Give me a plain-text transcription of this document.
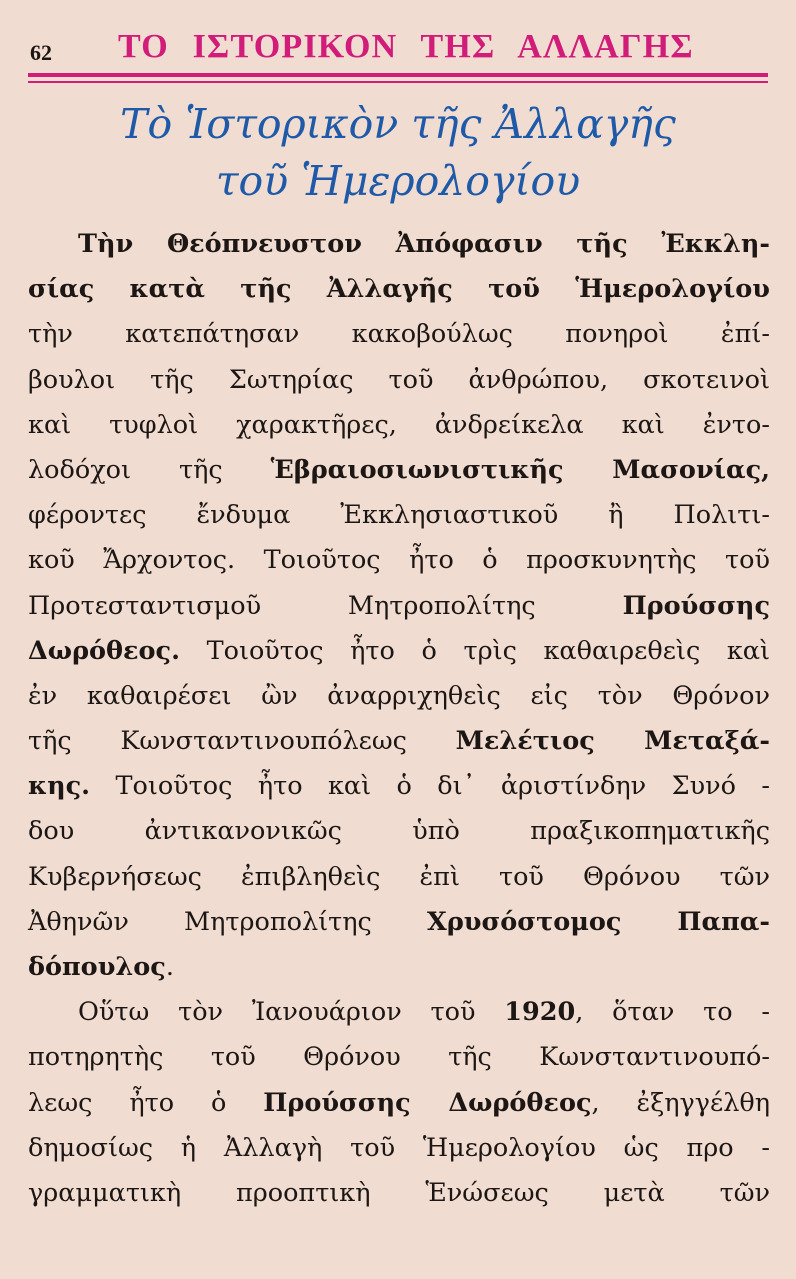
62 ΤΟ ΙΣΤΟΡΙΚΟΝ ΤΗΣ ΑΛΛΑΓΗΣ
Τὸ Ἱστορικὸν τῆς Ἀλλαγῆς
τοῦ Ἡμερολογίου
Τὴν Θεόπνευστον Ἀπόφασιν τῆς Ἐκκλη-
σίας κατὰ τῆς Ἀλλαγῆς τοῦ Ἡμερολογίου
τὴν κατεπάτησαν κακοβούλως πονηροὶ ἐπί-
βουλοι τῆς Σωτηρίας τοῦ ἀνθρώπου, σκοτεινοὶ
καὶ τυφλοὶ χαρακτῆρες, ἀνδρείκελα καὶ ἐντο-
λοδόχοι τῆς Ἑβραιοσιωνιστικῆς Μασονίας,
φέροντες ἔνδυμα Ἐκκλησιαστικοῦ ἢ Πολιτι-
κοῦ Ἄρχοντος. Τοιοῦτος ἦτο ὁ προσκυνητὴς τοῦ
Προτεσταντισμοῦ Μητροπολίτης Προύσσης
Δωρόθεος. Τοιοῦτος ἦτο ὁ τρὶς καθαιρεθεὶς καὶ
ἐν καθαιρέσει ὢν ἀναρριχηθεὶς εἰς τὸν Θρόνον
τῆς Κωνσταντινουπόλεως Μελέτιος Μεταξά-
κης. Τοιοῦτος ἦτο καὶ ὁ δι᾽ ἀριστίνδην Συνό -
δου ἀντικανονικῶς ὑπὸ πραξικοπηματικῆς
Κυβερνήσεως ἐπιβληθεὶς ἐπὶ τοῦ Θρόνου τῶν
Ἀθηνῶν Μητροπολίτης Χρυσόστομος Παπα-
δόπουλος.
Οὕτω τὸν Ἰανουάριον τοῦ 1920, ὅταν το -
ποτηρητὴς τοῦ Θρόνου τῆς Κωνσταντινουπό-
λεως ἦτο ὁ Προύσσης Δωρόθεος, ἐξηγγέλθη
δημοσίως ἡ Ἀλλαγὴ τοῦ Ἡμερολογίου ὡς προ -
γραμματικὴ προοπτικὴ Ἑνώσεως μετὰ τῶν
